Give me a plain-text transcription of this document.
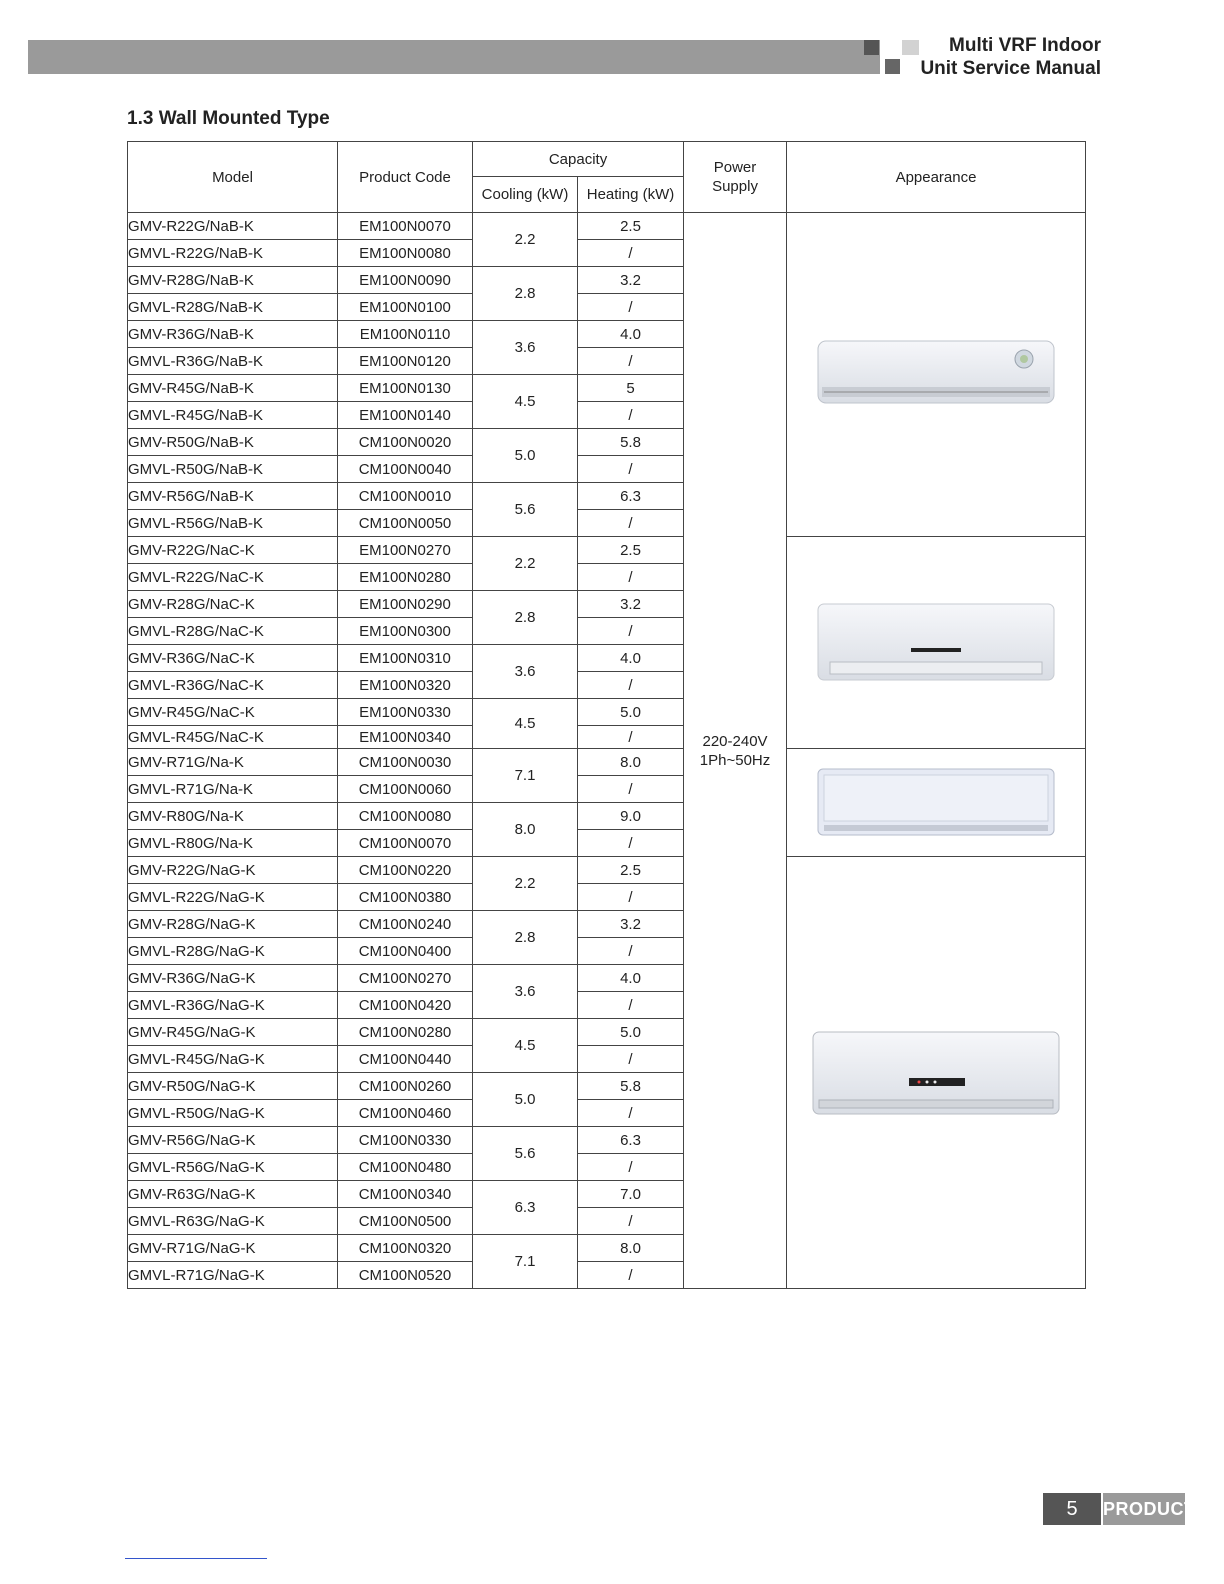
Multi VRF Indoor
Unit Service Manual
1.3 Wall Mounted Type
Model	Product Code	Capacity		Power Supply	Appearance
		Cooling (kW)	Heating (kW)		
GMV-R22G/NaB-K	EM100N0070	2.2	2.5	220-240V
1Ph~50Hz

GMVL-R22G/NaB-K	EM100N0080		/		
GMV-R28G/NaB-K	EM100N0090	2.8	3.2		
GMVL-R28G/NaB-K	EM100N0100		/		
GMV-R36G/NaB-K	EM100N0110	3.6	4.0		
GMVL-R36G/NaB-K	EM100N0120		/		
GMV-R45G/NaB-K	EM100N0130	4.5	5		
GMVL-R45G/NaB-K	EM100N0140		/		
GMV-R50G/NaB-K	CM100N0020	5.0	5.8		
GMVL-R50G/NaB-K	CM100N0040		/		
GMV-R56G/NaB-K	CM100N0010	5.6	6.3		
GMVL-R56G/NaB-K	CM100N0050		/		
GMV-R22G/NaC-K	EM100N0270	2.2	2.5	

GMVL-R22G/NaC-K	EM100N0280		/		
GMV-R28G/NaC-K	EM100N0290	2.8	3.2		
GMVL-R28G/NaC-K	EM100N0300		/		
GMV-R36G/NaC-K	EM100N0310	3.6	4.0		
GMVL-R36G/NaC-K	EM100N0320		/		
GMV-R45G/NaC-K	EM100N0330	4.5	5.0		
GMVL-R45G/NaC-K	EM100N0340		/		
GMV-R71G/Na-K	CM100N0030	7.1	8.0	

GMVL-R71G/Na-K	CM100N0060		/		
GMV-R80G/Na-K	CM100N0080	8.0	9.0		
GMVL-R80G/Na-K	CM100N0070		/		
GMV-R22G/NaG-K	CM100N0220	2.2	2.5	

GMVL-R22G/NaG-K	CM100N0380		/		
GMV-R28G/NaG-K	CM100N0240	2.8	3.2		
GMVL-R28G/NaG-K	CM100N0400		/		
GMV-R36G/NaG-K	CM100N0270	3.6	4.0		
GMVL-R36G/NaG-K	CM100N0420		/		
GMV-R45G/NaG-K	CM100N0280	4.5	5.0		
GMVL-R45G/NaG-K	CM100N0440		/		
GMV-R50G/NaG-K	CM100N0260	5.0	5.8		
GMVL-R50G/NaG-K	CM100N0460		/		
GMV-R56G/NaG-K	CM100N0330	5.6	6.3		
GMVL-R56G/NaG-K	CM100N0480		/		
GMV-R63G/NaG-K	CM100N0340	6.3	7.0		
GMVL-R63G/NaG-K	CM100N0500		/		
GMV-R71G/NaG-K	CM100N0320	7.1	8.0		
GMVL-R71G/NaG-K	CM100N0520		/		
5	PRODUCT
